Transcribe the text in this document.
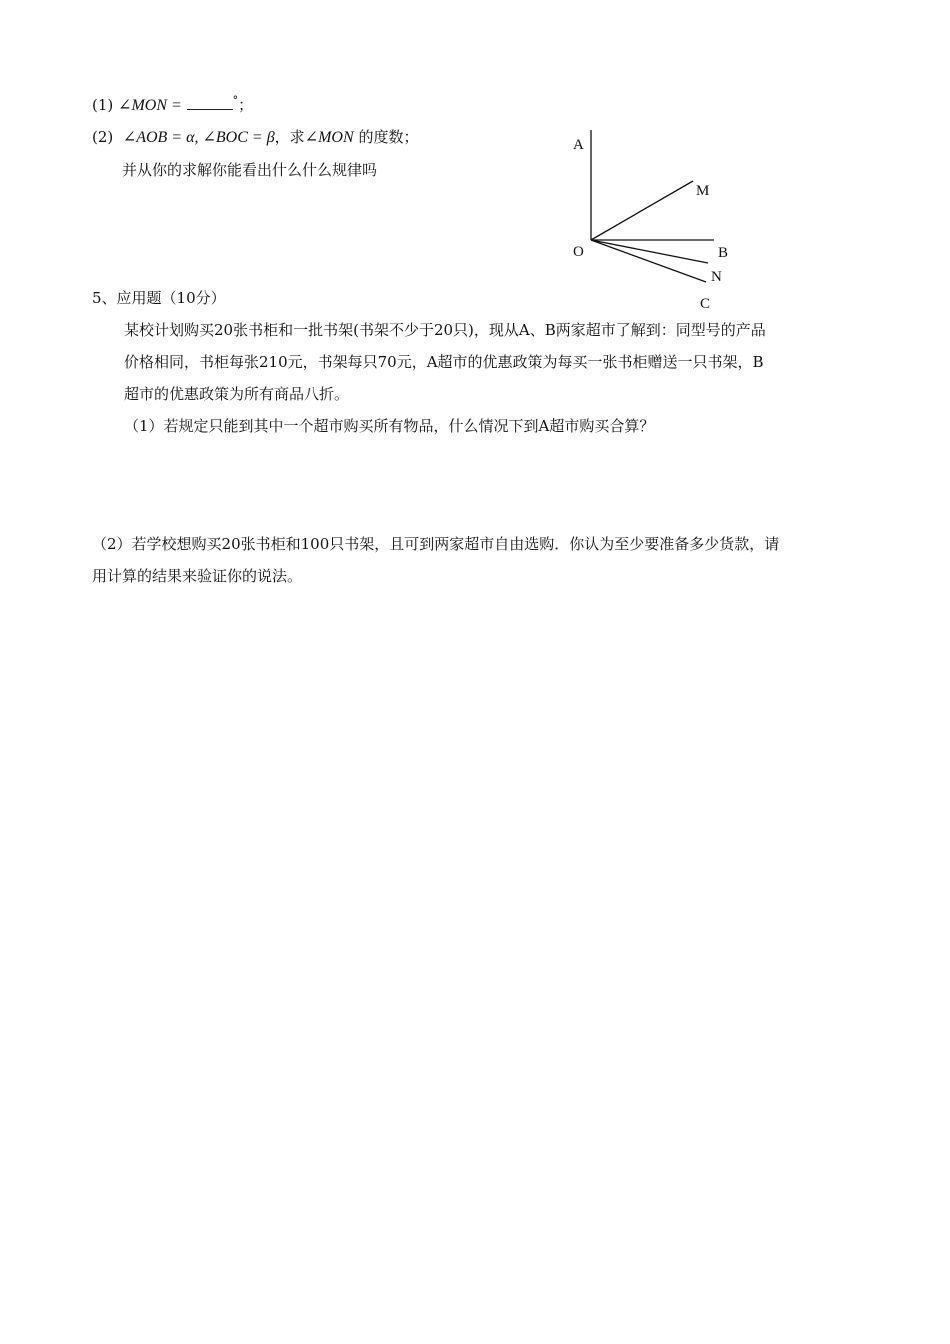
(1) ∠MON =	°；
(2) ∠AOB = α, ∠BOC = β，求∠MON 的度数；
并从你的求解你能看出什么什么规律吗
A
M
O	B
N
C
5、应用题（10分）
某校计划购买20张书柜和一批书架(书架不少于20只)，现从A、B两家超市了解到：同型号的产品
价格相同，书柜每张210元，书架每只70元，A超市的优惠政策为每买一张书柜赠送一只书架，B
超市的优惠政策为所有商品八折。
（1）若规定只能到其中一个超市购买所有物品，什么情况下到A超市购买合算？
（2）若学校想购买20张书柜和100只书架，且可到两家超市自由选购．你认为至少要准备多少货款，请
用计算的结果来验证你的说法。
